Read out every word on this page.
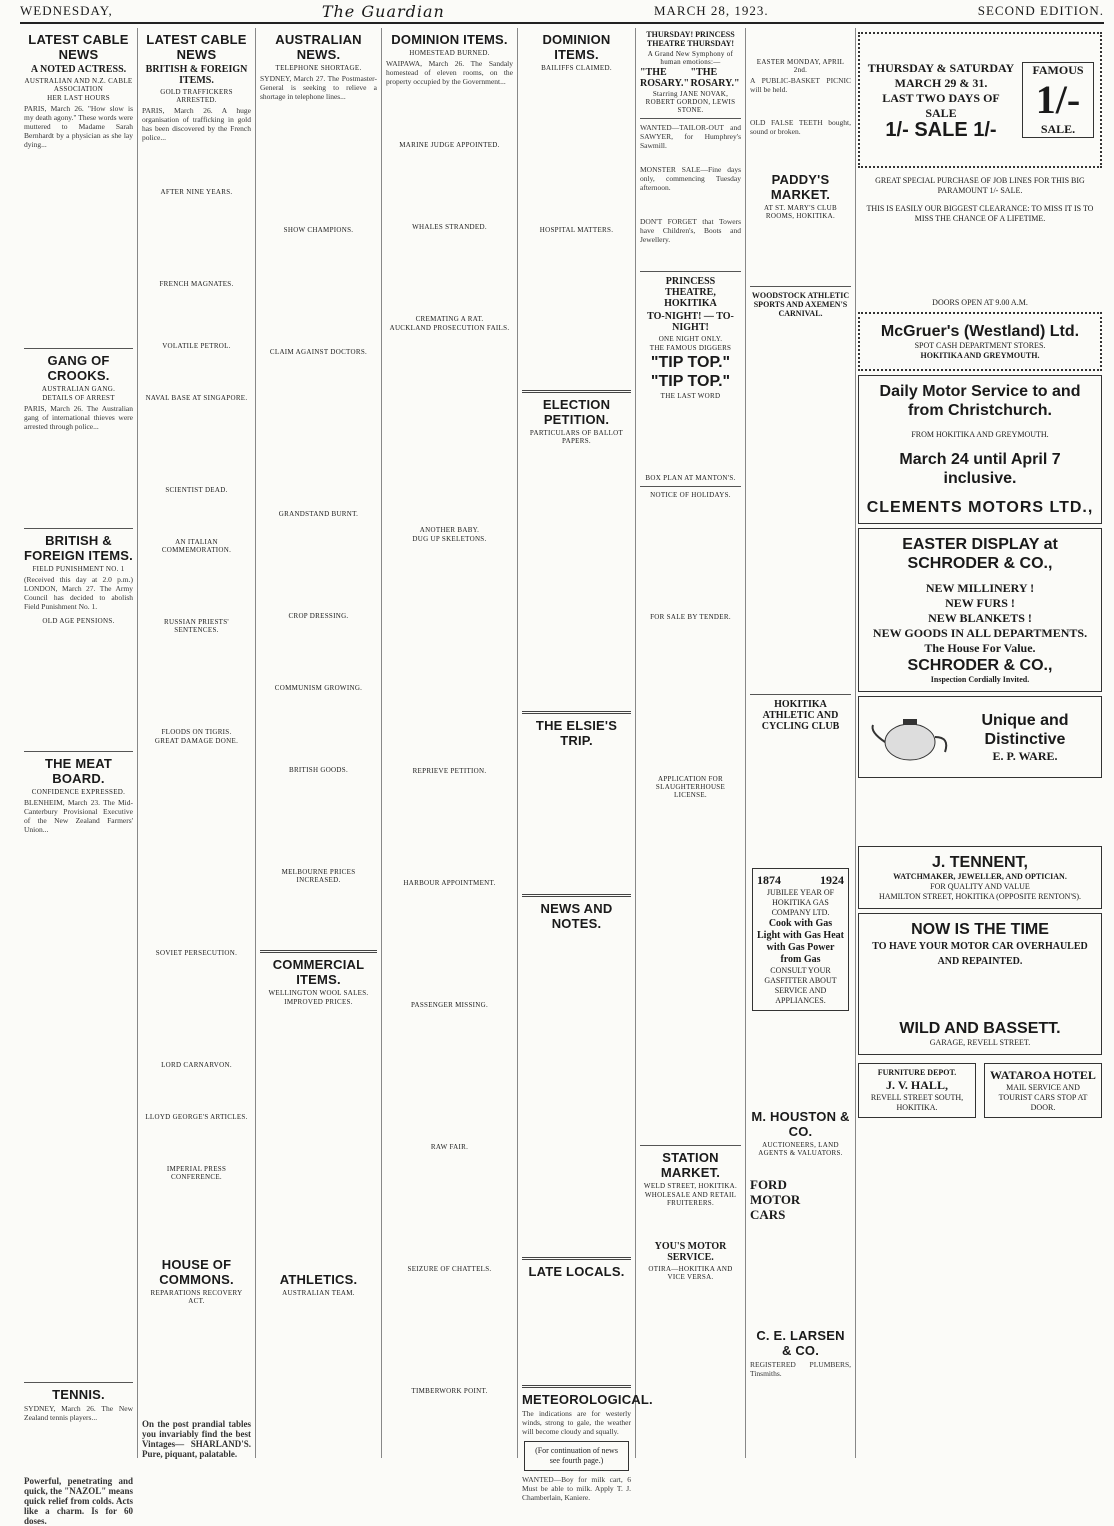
WEDNESDAY,	The Guardian	MARCH 28, 1923.	SECOND EDITION.
LATEST CABLE NEWS
A NOTED ACTRESS.
AUSTRALIAN AND N.Z. CABLE ASSOCIATION
HER LAST HOURS
PARIS, March 26. "How slow is my death agony." These words were muttered to Madame Sarah Bernhardt by a physician as she lay dying...
GANG OF CROOKS.
AUSTRALIAN GANG.
DETAILS OF ARREST
PARIS, March 26. The Australian gang of international thieves were arrested through police...
BRITISH & FOREIGN ITEMS.
FIELD PUNISHMENT NO. 1
(Received this day at 2.0 p.m.) LONDON, March 27. The Army Council has decided to abolish Field Punishment No. 1.
OLD AGE PENSIONS.
THE MEAT BOARD.
CONFIDENCE EXPRESSED.
BLENHEIM, March 23. The Mid-Canterbury Provisional Executive of the New Zealand Farmers' Union...
TENNIS.
SYDNEY, March 26. The New Zealand tennis players...
Powerful, penetrating and quick, the "NAZOL" means quick relief from colds. Acts like a charm. Is for 60 doses.
LATEST CABLE NEWS
BRITISH & FOREIGN ITEMS.
GOLD TRAFFICKERS ARRESTED.
PARIS, March 26. A huge organisation of trafficking in gold has been discovered by the French police...
AFTER NINE YEARS.
FRENCH MAGNATES.
VOLATILE PETROL.
NAVAL BASE AT SINGAPORE.
SCIENTIST DEAD.
AN ITALIAN COMMEMORATION.
RUSSIAN PRIESTS' SENTENCES.
FLOODS ON TIGRIS.
GREAT DAMAGE DONE.
SOVIET PERSECUTION.
LORD CARNARVON.
LLOYD GEORGE'S ARTICLES.
IMPERIAL PRESS CONFERENCE.
HOUSE OF COMMONS.
REPARATIONS RECOVERY ACT.
On the post prandial tables you invariably find the best Vintages— SHARLAND'S. Pure, piquant, palatable.
AUSTRALIAN NEWS.
TELEPHONE SHORTAGE.
SYDNEY, March 27. The Postmaster-General is seeking to relieve a shortage in telephone lines...
SHOW CHAMPIONS.
CLAIM AGAINST DOCTORS.
GRANDSTAND BURNT.
CROP DRESSING.
COMMUNISM GROWING.
BRITISH GOODS.
MELBOURNE PRICES INCREASED.
COMMERCIAL ITEMS.
WELLINGTON WOOL SALES.
IMPROVED PRICES.
ATHLETICS.
AUSTRALIAN TEAM.
DOMINION ITEMS.
HOMESTEAD BURNED.
WAIPAWA, March 26. The Sandaly homestead of eleven rooms, on the property occupied by the Government...
MARINE JUDGE APPOINTED.
WHALES STRANDED.
CREMATING A RAT.
AUCKLAND PROSECUTION FAILS.
ANOTHER BABY.
DUG UP SKELETONS.
REPRIEVE PETITION.
HARBOUR APPOINTMENT.
PASSENGER MISSING.
RAW FAIR.
SEIZURE OF CHATTELS.
TIMBERWORK POINT.
DOMINION ITEMS.
BAILIFFS CLAIMED.
HOSPITAL MATTERS.
ELECTION PETITION.
PARTICULARS OF BALLOT PAPERS.
THE ELSIE'S TRIP.
NEWS AND NOTES.
LATE LOCALS.
METEOROLOGICAL.
The indications are for westerly winds, strong to gale, the weather will become cloudy and squally.
(For continuation of news see fourth page.)
WANTED—Boy for milk cart, 6 Must be able to milk. Apply T. J. Chamberlain, Kaniere.
THURSDAY! PRINCESS THEATRE THURSDAY!
A Grand New Symphony of human emotions:—
"THE ROSARY."
"THE ROSARY."
Starring JANE NOVAK, ROBERT GORDON, LEWIS STONE.
WANTED—TAILOR-OUT and SAWYER, for Humphrey's Sawmill.
MONSTER SALE—Fine days only, commencing Tuesday afternoon.
DON'T FORGET that Towers have Children's, Boots and Jewellery.
PRINCESS THEATRE, HOKITIKA
TO-NIGHT! — TO-NIGHT!
ONE NIGHT ONLY.
THE FAMOUS DIGGERS
"TIP TOP."
"TIP TOP."
THE LAST WORD
BOX PLAN AT MANTON'S.
NOTICE OF HOLIDAYS.
FOR SALE BY TENDER.
APPLICATION FOR SLAUGHTERHOUSE LICENSE.
STATION MARKET.
WELD STREET, HOKITIKA.
WHOLESALE AND RETAIL FRUITERERS.
YOU'S MOTOR SERVICE.
OTIRA—HOKITIKA AND VICE VERSA.
EASTER MONDAY, APRIL 2nd.
A PUBLIC-BASKET PICNIC will be held.
OLD FALSE TEETH bought, sound or broken.
PADDY'S MARKET.
AT ST. MARY'S CLUB ROOMS, HOKITIKA.
WOODSTOCK ATHLETIC SPORTS AND AXEMEN'S CARNIVAL.
HOKITIKA ATHLETIC AND CYCLING CLUB
1874	1924
JUBILEE YEAR OF HOKITIKA GAS COMPANY LTD.
Cook with Gas Light with Gas Heat with Gas Power from Gas
CONSULT YOUR GASFITTER ABOUT SERVICE AND APPLIANCES.
M. HOUSTON & CO.
AUCTIONEERS, LAND AGENTS & VALUATORS.
FORD
MOTOR
CARS
C. E. LARSEN & CO.
REGISTERED PLUMBERS, Tinsmiths.
THURSDAY & SATURDAY
MARCH 29 & 31.
LAST TWO DAYS OF SALE
1/- SALE 1/-
FAMOUS
1/-
SALE.
GREAT SPECIAL PURCHASE OF JOB LINES FOR THIS BIG PARAMOUNT 1/- SALE.
THIS IS EASILY OUR BIGGEST CLEARANCE: TO MISS IT IS TO MISS THE CHANCE OF A LIFETIME.
DOORS OPEN AT 9.00 A.M.
McGruer's (Westland) Ltd.
SPOT CASH DEPARTMENT STORES.
HOKITIKA AND GREYMOUTH.
Daily Motor Service to and from Christchurch.
FROM HOKITIKA AND GREYMOUTH.
March 24 until April 7 inclusive.
CLEMENTS MOTORS LTD.,
EASTER DISPLAY at
SCHRODER & CO.,
NEW MILLINERY !
NEW FURS !
NEW BLANKETS !
NEW GOODS IN ALL DEPARTMENTS.
The House For Value.
SCHRODER & CO.,
Inspection Cordially Invited.
Unique and Distinctive
E. P. WARE.
J. TENNENT,
WATCHMAKER, JEWELLER, AND OPTICIAN.
FOR QUALITY AND VALUE
HAMILTON STREET, HOKITIKA (OPPOSITE RENTON'S).
NOW IS THE TIME
TO HAVE YOUR MOTOR CAR OVERHAULED AND REPAINTED.
WILD AND BASSETT.
GARAGE, REVELL STREET.
FURNITURE DEPOT.
J. V. HALL,
REVELL STREET SOUTH, HOKITIKA.
WATAROA HOTEL
MAIL SERVICE AND TOURIST CARS STOP AT DOOR.
